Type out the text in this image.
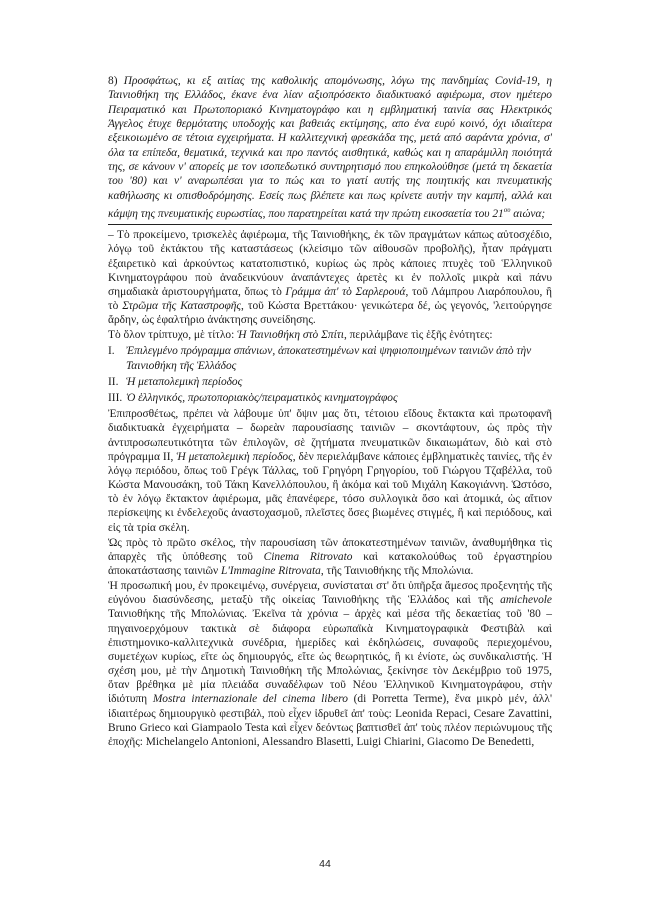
8) Προσφάτως, κι εξ αιτίας της καθολικής απομόνωσης, λόγω της πανδημίας Covid-19, η Ταινιοθήκη της Ελλάδος, έκανε ένα λίαν αξιοπρόσεκτο διαδικτυακό αφιέρωμα, στον ημέτερο Πειραματικό και Πρωτοποριακό Κινηματογράφο και η εμβληματική ταινία σας Ηλεκτρικός Άγγελος έτυχε θερμότατης υποδοχής και βαθειάς εκτίμησης, απο ένα ευρύ κοινό, όχι ιδιαίτερα εξεικοιωμένο σε τέτοια εγχειρήματα. Η καλλιτεχνική φρεσκάδα της, μετά από σαράντα χρόνια, σ' όλα τα επίπεδα, θεματικά, τεχνικά και προ παντός αισθητικά, καθώς και η απαράμιλλη ποιότητά της, σε κάνουν ν' απορείς με τον ισοπεδωτικό συντηρητισμό που επηκολούθησε (μετά τη δεκαετία του '80) και ν' αναρωπέσαι για το πώς και το γιατί αυτής της ποιητικής και πνευματικής καθήλωσης κι οπισθοδρόμησης. Εσείς πως βλέπετε και πως κρίνετε αυτήν την καμπή, αλλά και κάμψη της πνευματικής ευρωστίας, που παρατηρείται κατά την πρώτη εικοσαετία του $21^{o\upsilon}$ αιώνα;

– Τὸ προκείμενο, τρισκελὲς ἀφιέρωμα, τῆς Ταινιοθήκης, ἐκ τῶν πραγμάτων κάπως αὐτοσχέδιο, λόγῳ τοῦ ἐκτάκτου τῆς καταστάσεως (κλείσιμο τῶν αἰθουσῶν προβολῆς), ἦταν πράγματι ἐξαιρετικὸ καὶ ἀρκούντως κατατοπιστικό, κυρίως ὡς πρὸς κάποιες πτυχὲς τοῦ Ἑλληνικοῦ Κινηματογράφου ποὺ ἀναδεικνύουν ἀναπάντεχες ἀρετὲς κι ἐν πολλοῖς μικρὰ καὶ πάνυ σημαδιακὰ ἀριστουργήματα, ὅπως τὸ Γράμμα ἀπ' τὸ Σαρλερουά, τοῦ Λάμπρου Λιαρόπουλου, ἢ τὸ Στρῶμα τῆς Καταστροφῆς, τοῦ Κώστα Βρεττάκου· γενικώτερα δέ, ὡς γεγονός, 'λειτούργησε ἄρδην, ὡς ἐφαλτήριο ἀνάκτησης συνείδησης.

Τὸ ὅλον τρίπτυχο, μὲ τίτλο: Ἡ Ταινιοθήκη στὸ Σπίτι, περιλάμβανε τὶς ἑξῆς ἑνότητες:

I. Ἐπιλεγμένο πρόγραμμα σπάνιων, ἀποκατεστημένων καὶ ψηφιοποιημένων ταινιῶν ἀπὸ τὴν Ταινιοθήκη τῆς Ἑλλάδος
II. Ἡ μεταπολεμικὴ περίοδος
III. Ὁ ἑλληνικός, πρωτοποριακὸς/πειραματικὸς κινηματογράφος

Ἐπιπροσθέτως, πρέπει νὰ λάβουμε ὑπ' ὄψιν μας ὅτι, τέτοιου εἴδους ἔκτακτα καὶ πρωτοφανῆ διαδικτυακὰ ἐγχειρήματα – δωρεὰν παρουσίασης ταινιῶν – σκοντάφτουν, ὡς πρὸς τὴν ἀντιπροσωπευτικότητα τῶν ἐπιλογῶν, σὲ ζητήματα πνευματικῶν δικαιωμάτων, διὸ καὶ στὸ πρόγραμμα ΙΙ, Ἡ μεταπολεμικὴ περίοδος, δὲν περιελάμβανε κάποιες ἐμβληματικὲς ταινίες, τῆς ἐν λόγῳ περιόδου, ὅπως τοῦ Γρέγκ Τάλλας, τοῦ Γρηγόρη Γρηγορίου, τοῦ Γιώργου Τζαβέλλα, τοῦ Κώστα Μανουσάκη, τοῦ Τάκη Κανελλόπουλου, ἢ ἀκόμα καὶ τοῦ Μιχάλη Κακογιάννη. Ὡστόσο, τὸ ἐν λόγῳ ἔκτακτον ἀφιέρωμα, μᾶς ἐπανέφερε, τόσο συλλογικὰ ὅσο καὶ ἀτομικά, ὡς αἴτιον περίσκεψης κι ἐνδελεχοῦς ἀναστοχασμοῦ, πλεῖστες ὅσες βιωμένες στιγμές, ἢ καὶ περιόδους, καὶ εἰς τὰ τρία σκέλη.

Ὡς πρὸς τὸ πρῶτο σκέλος, τὴν παρουσίαση τῶν ἀποκατεστημένων ταινιῶν, ἀναθυμήθηκα τὶς ἀπαρχὲς τῆς ὑπόθεσης τοῦ Cinema Ritrovato καὶ κατακολούθως τοῦ ἐργαστηρίου ἀποκατάστασης ταινιῶν L'Immagine Ritrovata, τῆς Ταινιοθήκης τῆς Μπολώνια.

Ἡ προσωπική μου, ἐν προκειμένῳ, συνέργεια, συνίσταται στ' ὅτι ὑπῆρξα ἄμεσος προξενητής τῆς εὐγόνου διασύνδεσης, μεταξὺ τῆς οἰκείας Ταινιοθήκης τῆς Ἑλλάδος καὶ τῆς amichevole Ταινιοθήκης τῆς Μπολώνιας. Ἐκεῖνα τὰ χρόνια – ἀρχὲς καὶ μέσα τῆς δεκαετίας τοῦ '80 – πηγαινοερχόμουν τακτικὰ σὲ διάφορα εὐρωπαϊκὰ Κινηματογραφικὰ Φεστιβὰλ καὶ ἐπιστημονικο-καλλιτεχνικὰ συνέδρια, ἡμερίδες καὶ ἐκδηλώσεις, συναφοῦς περιεχομένου, συμετέχων κυρίως, εἴτε ὡς δημιουργός, εἴτε ὡς θεωρητικός, ἢ κι ἐνίοτε, ὡς συνδικαλιστής. Ἡ σχέση μου, μὲ τὴν Δημοτικὴ Ταινιοθήκη τῆς Μπολώνιας, ξεκίνησε τὸν Δεκέμβριο τοῦ 1975, ὅταν βρέθηκα μὲ μία πλειάδα συναδέλφων τοῦ Νέου Ἑλληνικοῦ Κινηματογράφου, στὴν ἰδιότυπη Mostra internazionale del cinema libero (di Porretta Terme), ἕνα μικρὸ μέν, ἀλλ' ἰδιαιτέρως δημιουργικὸ φεστιβάλ, ποὺ εἶχεν ἱδρυθεῖ ἀπ' τοὺς: Leonida Repaci, Cesare Zavattini, Bruno Grieco καὶ Giampaolo Testa καὶ εἶχεν δεόντως βαπτισθεῖ ἀπ' τοὺς πλέον περιώνυμους τῆς ἐποχῆς: Michelangelo Antonioni, Alessandro Blasetti, Luigi Chiarini, Giacomo De Benedetti,

44
